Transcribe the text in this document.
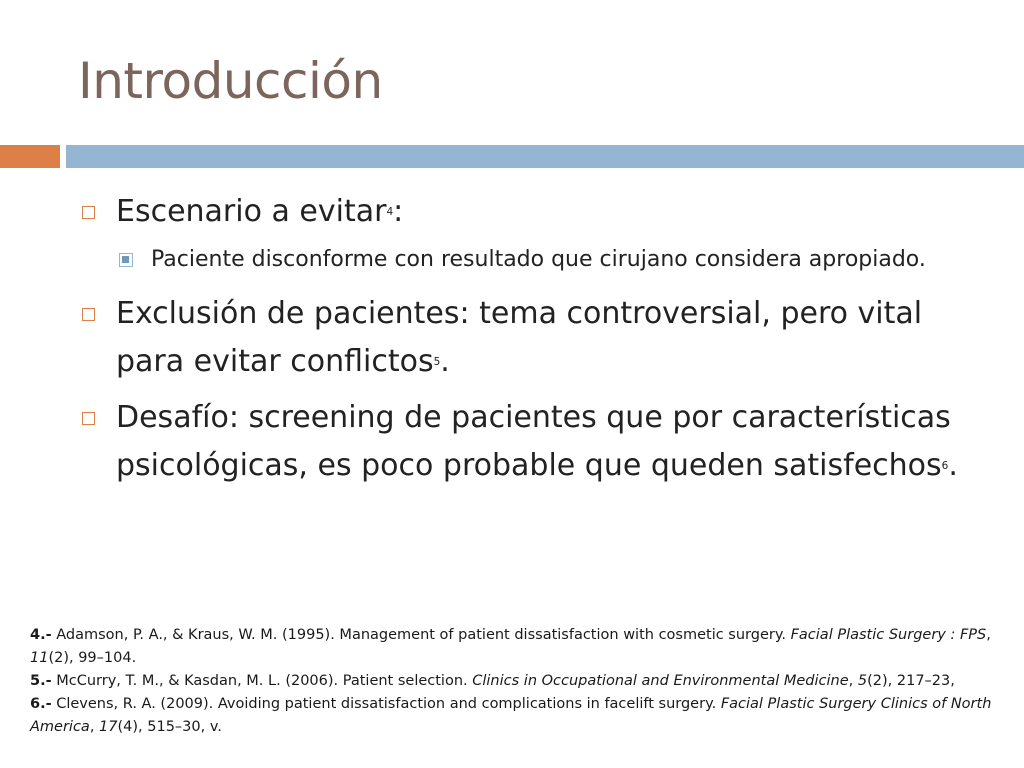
Introducción
Escenario a evitar$^4$:
Paciente disconforme con resultado que cirujano considera apropiado.
Exclusión de pacientes: tema controversial, pero vital para evitar conflictos$^5$.
Desafío: screening de pacientes que por características psicológicas, es poco probable que queden satisfechos$^6$.
4.- Adamson, P. A., & Kraus, W. M. (1995). Management of patient dissatisfaction with cosmetic surgery. Facial Plastic Surgery : FPS, 11(2), 99–104.
5.- McCurry, T. M., & Kasdan, M. L. (2006). Patient selection. Clinics in Occupational and Environmental Medicine, 5(2), 217–23,
6.- Clevens, R. A. (2009). Avoiding patient dissatisfaction and complications in facelift surgery. Facial Plastic Surgery Clinics of North America, 17(4), 515–30, v.
